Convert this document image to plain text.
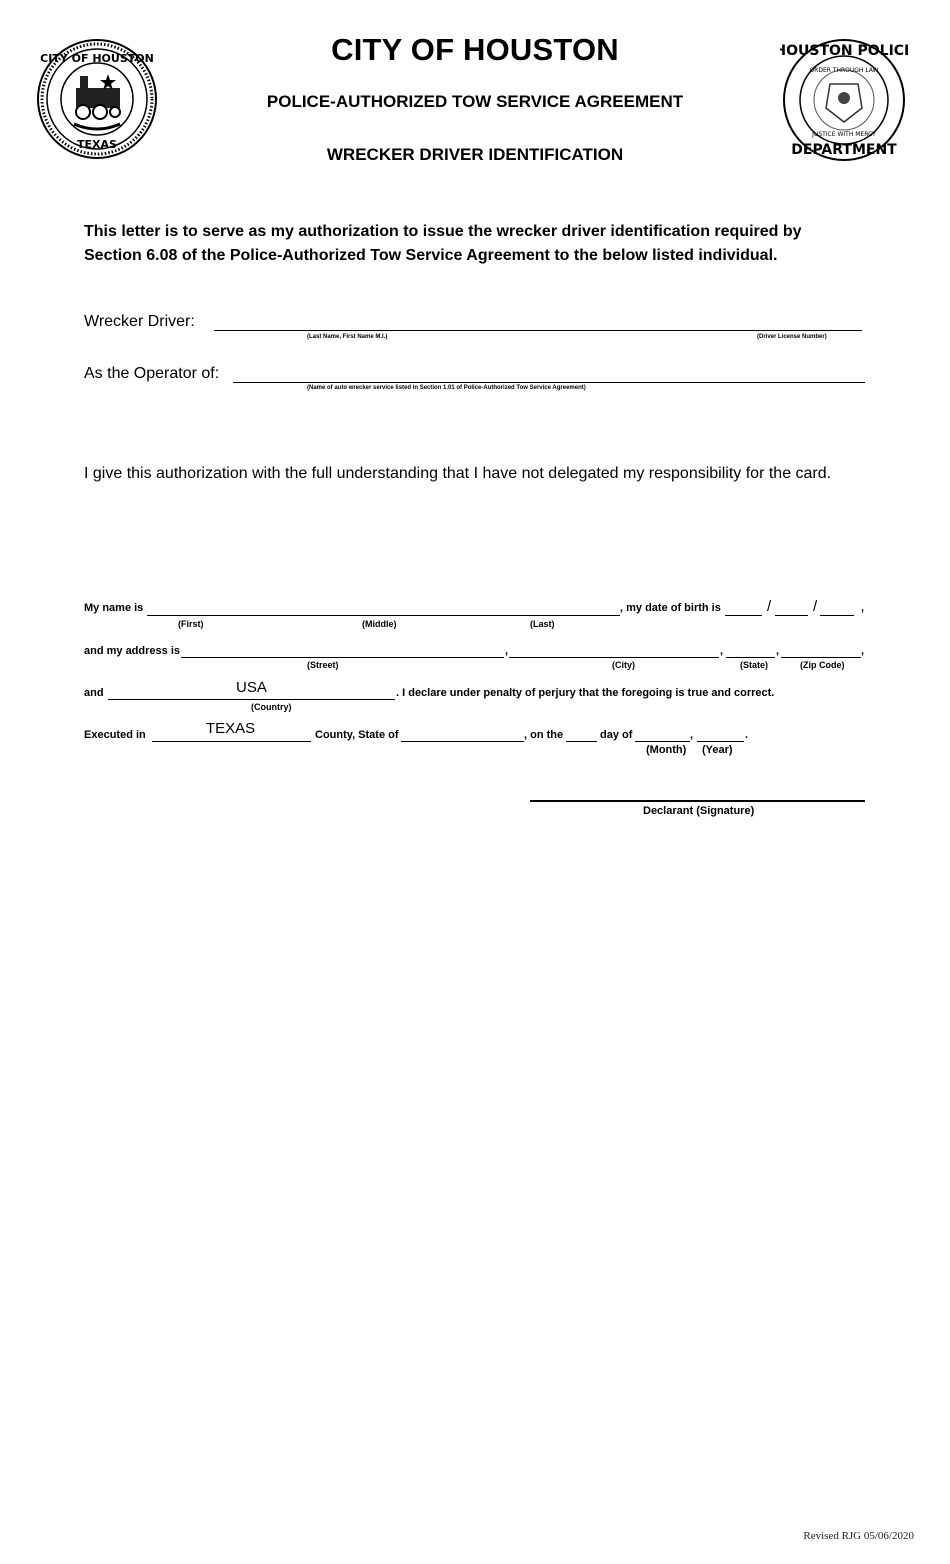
CITY OF HOUSTON
TEXAS
HOUSTON POLICE
DEPARTMENT
ORDER THROUGH LAW
JUSTICE WITH MERCY
CITY OF HOUSTON
POLICE-AUTHORIZED TOW SERVICE AGREEMENT
WRECKER DRIVER IDENTIFICATION
This letter is to serve as my authorization to issue the wrecker driver identification required by Section 6.08 of the Police-Authorized Tow Service Agreement to the below listed individual.
Wrecker Driver:
(Last Name, First Name M.I.)	(Driver License Number)
As the Operator of:
(Name of auto wrecker service listed in Section 1.01 of Police-Authorized Tow Service Agreement)
I give this authorization with the full understanding that I have not delegated my responsibility for the card.
My name is	, my date of birth is	/	/	,
(First)	(Middle)	(Last)
and my address is	,	,	,	,
(Street)	(City)	(State)	(Zip Code)
and	USA	. I declare under penalty of perjury that the foregoing is true and correct.
(Country)
Executed in	TEXAS	County, State of	, on the	day of	,	.
(Month) (Year)
Declarant (Signature)
Revised RJG 05/06/2020
